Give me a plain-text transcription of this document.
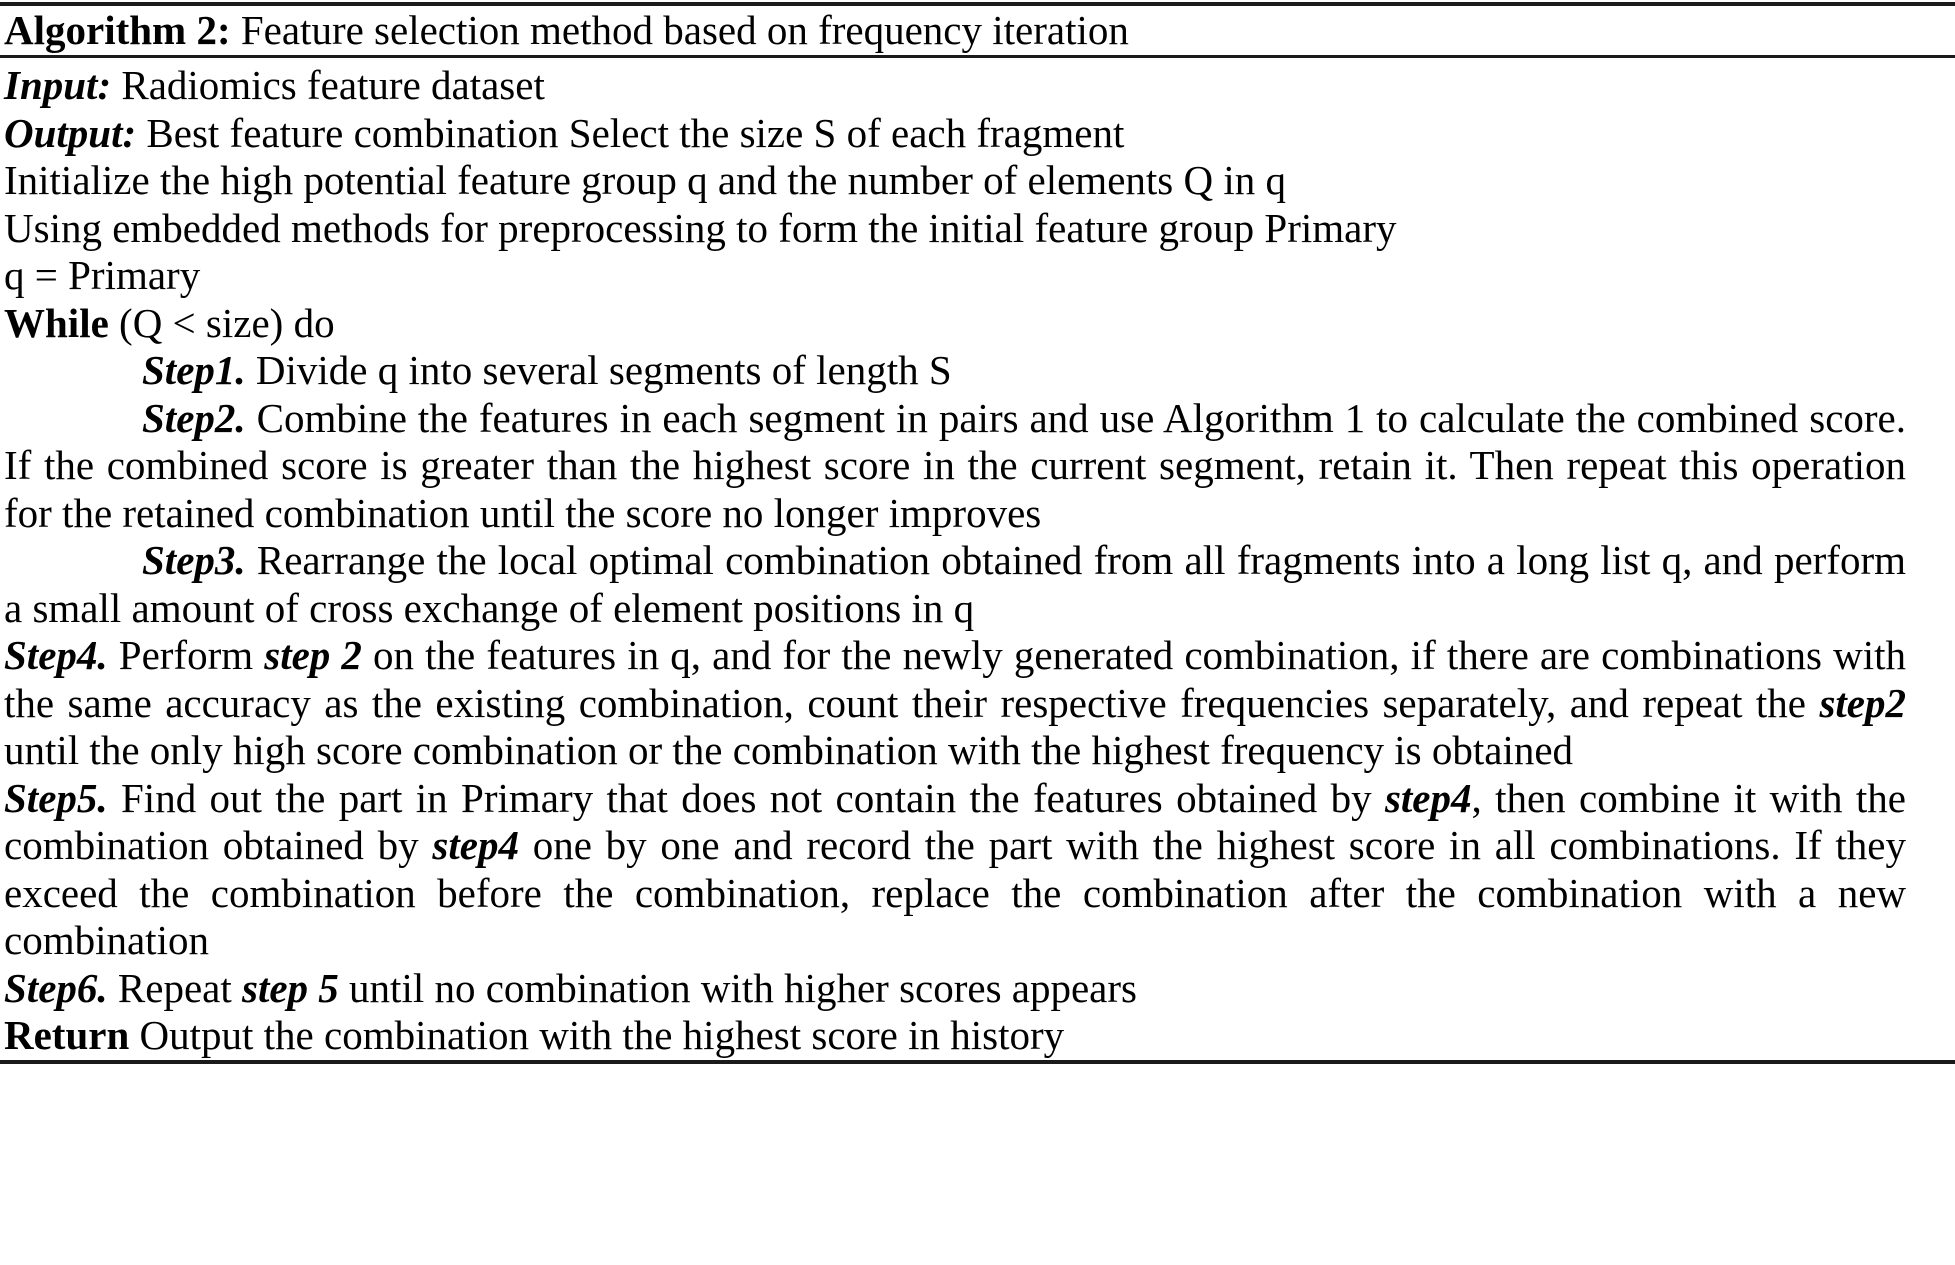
Algorithm 2: Feature selection method based on frequency iteration

Input: Radiomics feature dataset

Output: Best feature combination Select the size S of each fragment

Initialize the high potential feature group q and the number of elements Q in q

Using embedded methods for preprocessing to form the initial feature group Primary

q = Primary

While (Q < size) do

Step1. Divide q into several segments of length S

Step2. Combine the features in each segment in pairs and use Algorithm 1 to calculate the combined score. If the combined score is greater than the highest score in the current segment, retain it. Then repeat this operation for the retained combination until the score no longer improves

Step3. Rearrange the local optimal combination obtained from all fragments into a long list q, and perform a small amount of cross exchange of element positions in q

Step4. Perform step 2 on the features in q, and for the newly generated combination, if there are combinations with the same accuracy as the existing combination, count their respective frequencies separately, and repeat the step2 until the only high score combination or the combination with the highest frequency is obtained

Step5. Find out the part in Primary that does not contain the features obtained by step4, then combine it with the combination obtained by step4 one by one and record the part with the highest score in all combinations. If they exceed the combination before the combination, replace the combination after the combination with a new combination

Step6. Repeat step 5 until no combination with higher scores appears

Return Output the combination with the highest score in history
